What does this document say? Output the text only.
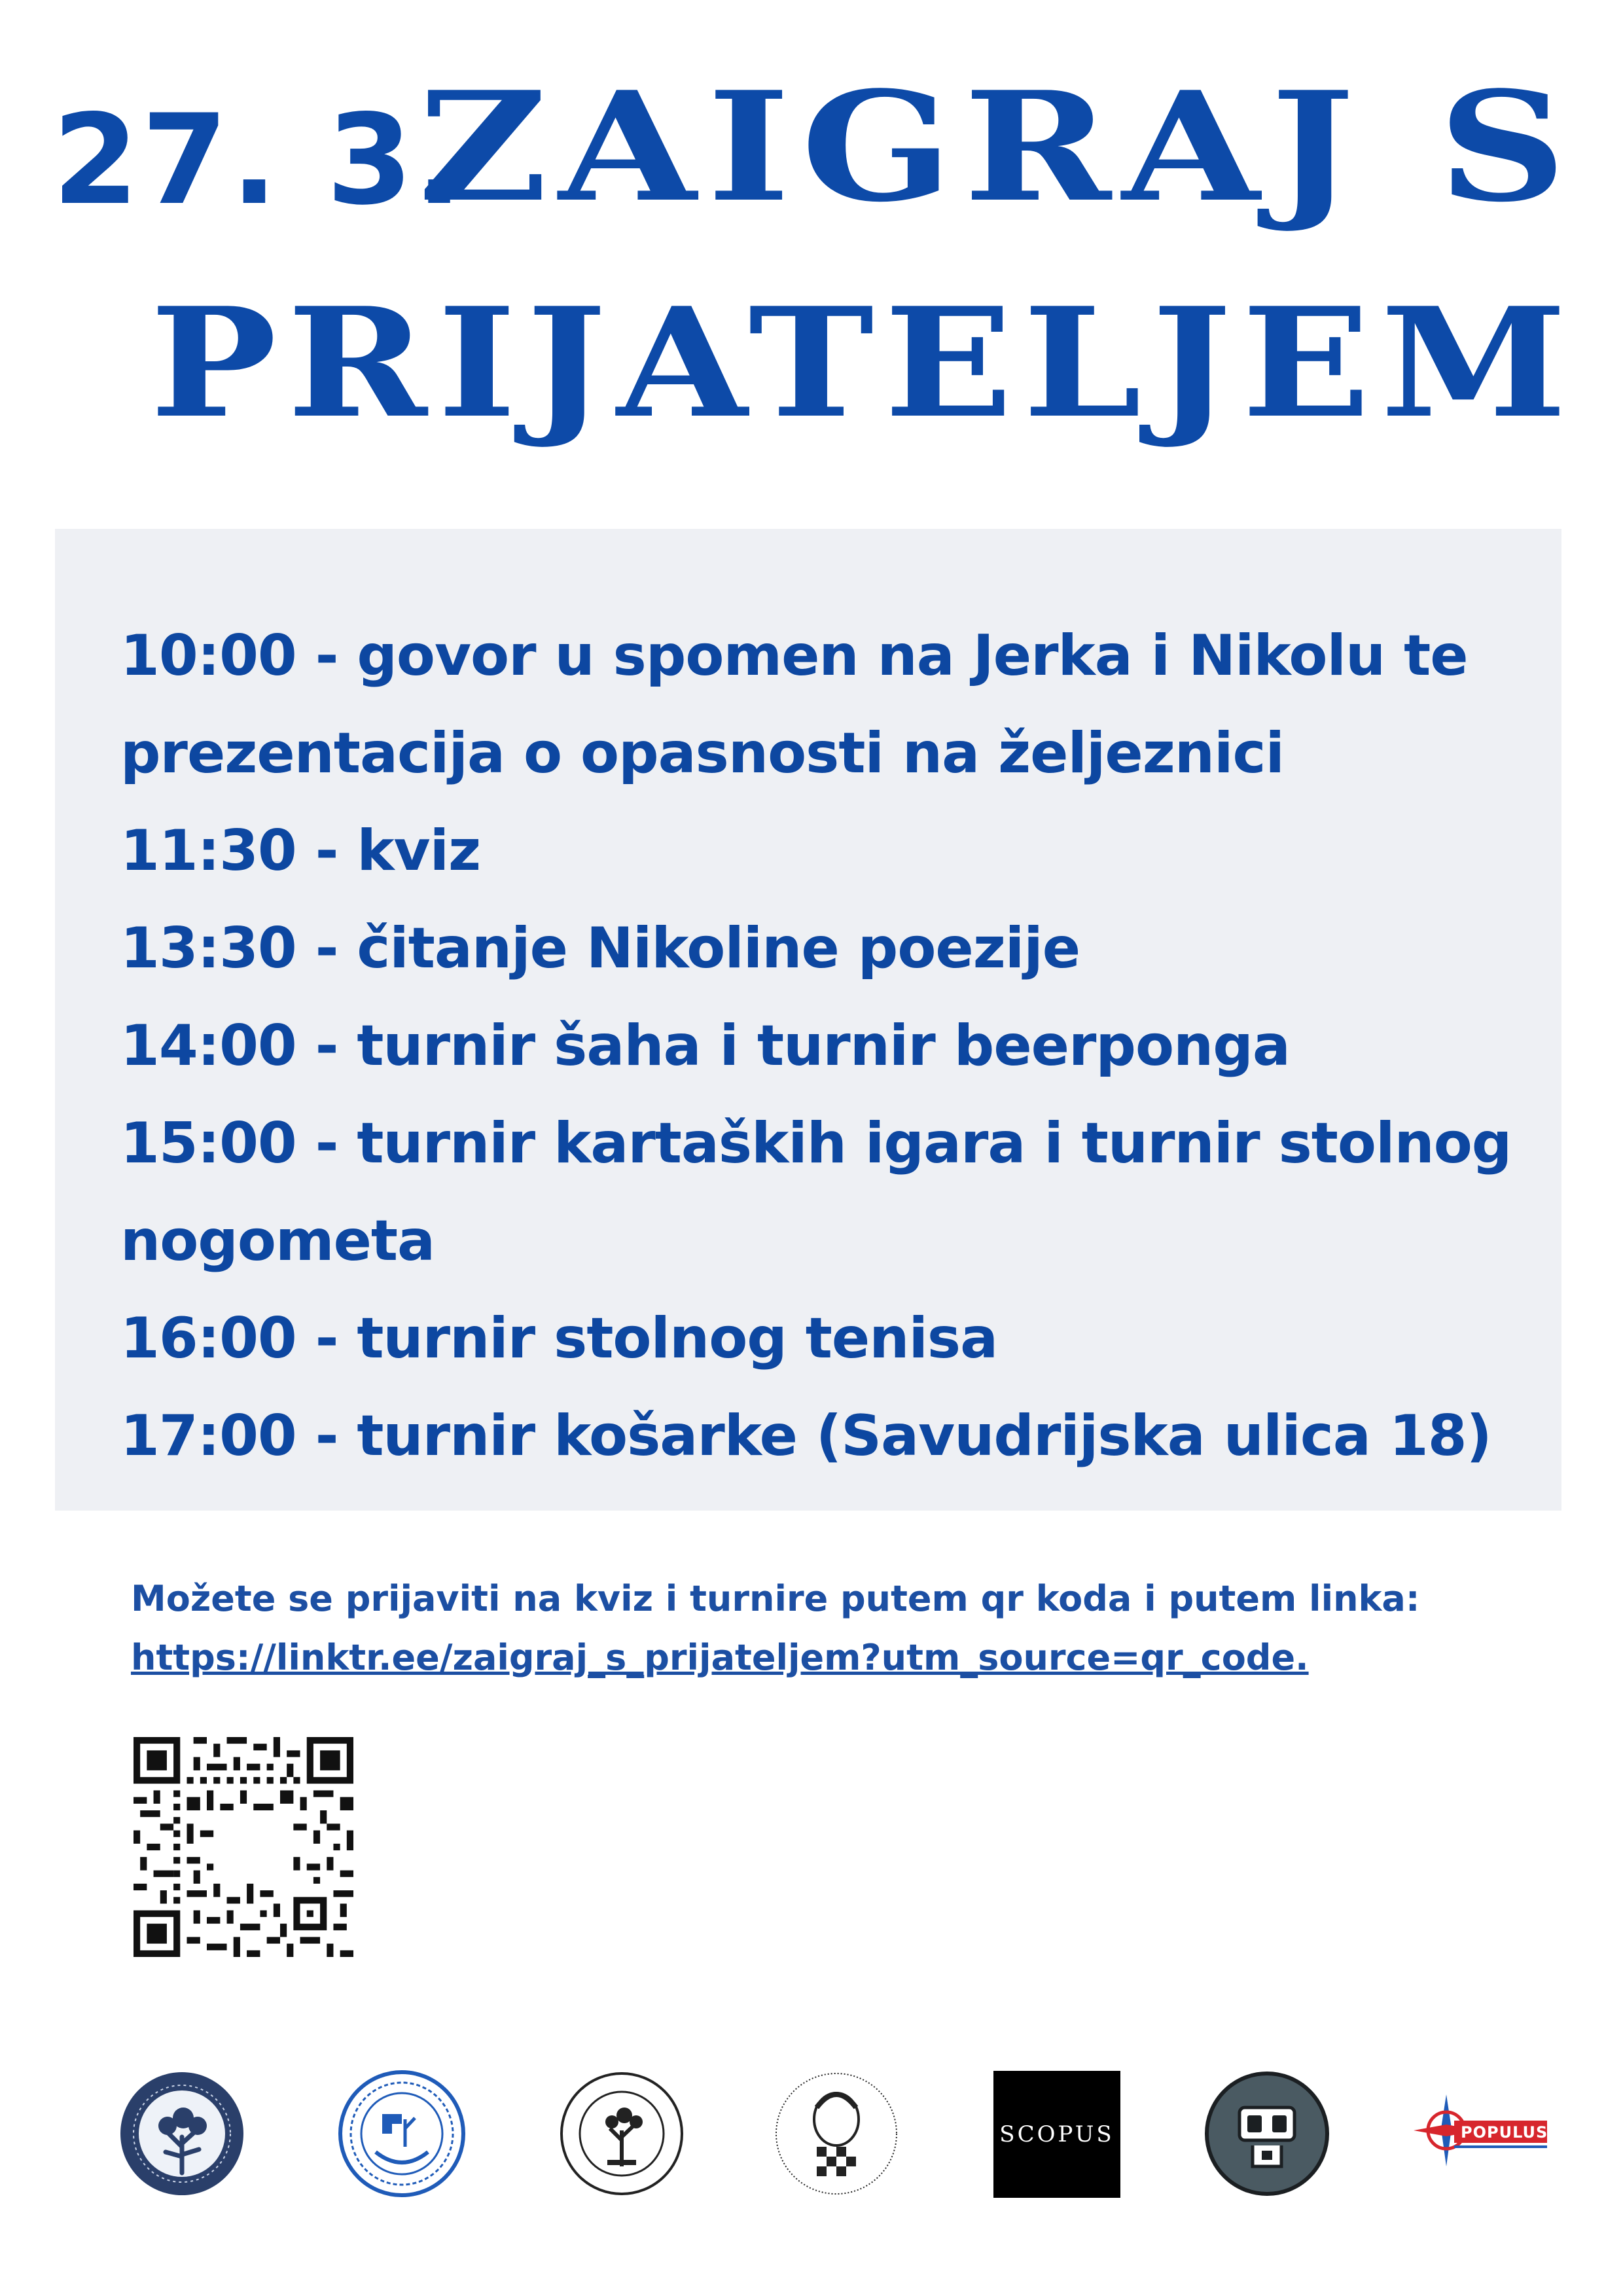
27. 3.
ZAIGRAJ S
PRIJATELJEM
10:00 - govor u spomen na Jerka i Nikolu te
prezentacija o opasnosti na željeznici
11:30 - kviz
13:30 - čitanje Nikoline poezije
14:00 - turnir šaha i turnir beerponga
15:00 - turnir kartaških igara i turnir stolnog
nogometa
16:00 - turnir stolnog tenisa
17:00 - turnir košarke (Savudrijska ulica 18)
Možete se prijaviti na kviz i turnire putem qr koda i putem linka:
https://linktr.ee/zaigraj_s_prijateljem?utm_source=qr_code.
SCOPUS	POPULUS
